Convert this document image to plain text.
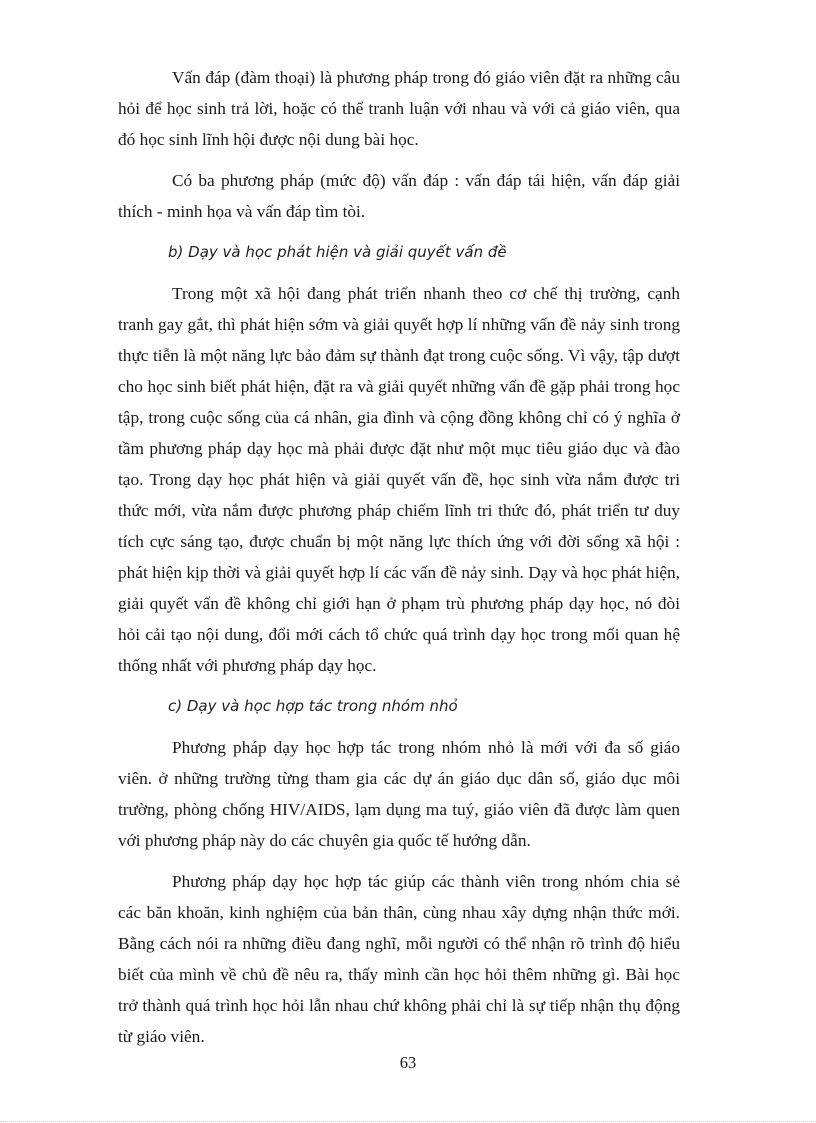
Vấn đáp (đàm thoại) là phương pháp trong đó giáo viên đặt ra những câu hỏi để học sinh trả lời, hoặc có thể tranh luận với nhau và với cả giáo viên, qua đó học sinh lĩnh hội được nội dung bài học.

Có ba phương pháp (mức độ) vấn đáp : vấn đáp tái hiện, vấn đáp giải thích - minh họa và vấn đáp tìm tòi.

b) Dạy và học phát hiện và giải quyết vấn đề

Trong một xã hội đang phát triển nhanh theo cơ chế thị trường, cạnh tranh gay gắt, thì phát hiện sớm và giải quyết hợp lí những vấn đề nảy sinh trong thực tiễn là một năng lực bảo đảm sự thành đạt trong cuộc sống. Vì vậy, tập dượt cho học sinh biết phát hiện, đặt ra và giải quyết những vấn đề gặp phải trong học tập, trong cuộc sống của cá nhân, gia đình và cộng đồng không chỉ có ý nghĩa ở tầm phương pháp dạy học mà phải được đặt như một mục tiêu giáo dục và đào tạo. Trong dạy học phát hiện và giải quyết vấn đề, học sinh vừa nắm được tri thức mới, vừa nắm được phương pháp chiếm lĩnh tri thức đó, phát triển tư duy tích cực sáng tạo, được chuẩn bị một năng lực thích ứng với đời sống xã hội : phát hiện kịp thời và giải quyết hợp lí các vấn đề nảy sinh. Dạy và học phát hiện, giải quyết vấn đề không chỉ giới hạn ở phạm trù phương pháp dạy học, nó đòi hỏi cải tạo nội dung, đổi mới cách tổ chức quá trình dạy học trong mối quan hệ thống nhất với phương pháp dạy học.

c) Dạy và học hợp tác trong nhóm nhỏ

Phương pháp dạy học hợp tác trong nhóm nhỏ là mới với đa số giáo viên. ở những trường từng tham gia các dự án giáo dục dân số, giáo dục môi trường, phòng chống HIV/AIDS, lạm dụng ma tuý, giáo viên đã được làm quen với phương pháp này do các chuyên gia quốc tế hướng dẫn.

Phương pháp dạy học hợp tác giúp các thành viên trong nhóm chia sẻ các băn khoăn, kinh nghiệm của bản thân, cùng nhau xây dựng nhận thức mới. Bằng cách nói ra những điều đang nghĩ, mỗi người có thể nhận rõ trình độ hiểu biết của mình về chủ đề nêu ra, thấy mình cần học hỏi thêm những gì. Bài học trở thành quá trình học hỏi lẫn nhau chứ không phải chỉ là sự tiếp nhận thụ động từ giáo viên.

63
